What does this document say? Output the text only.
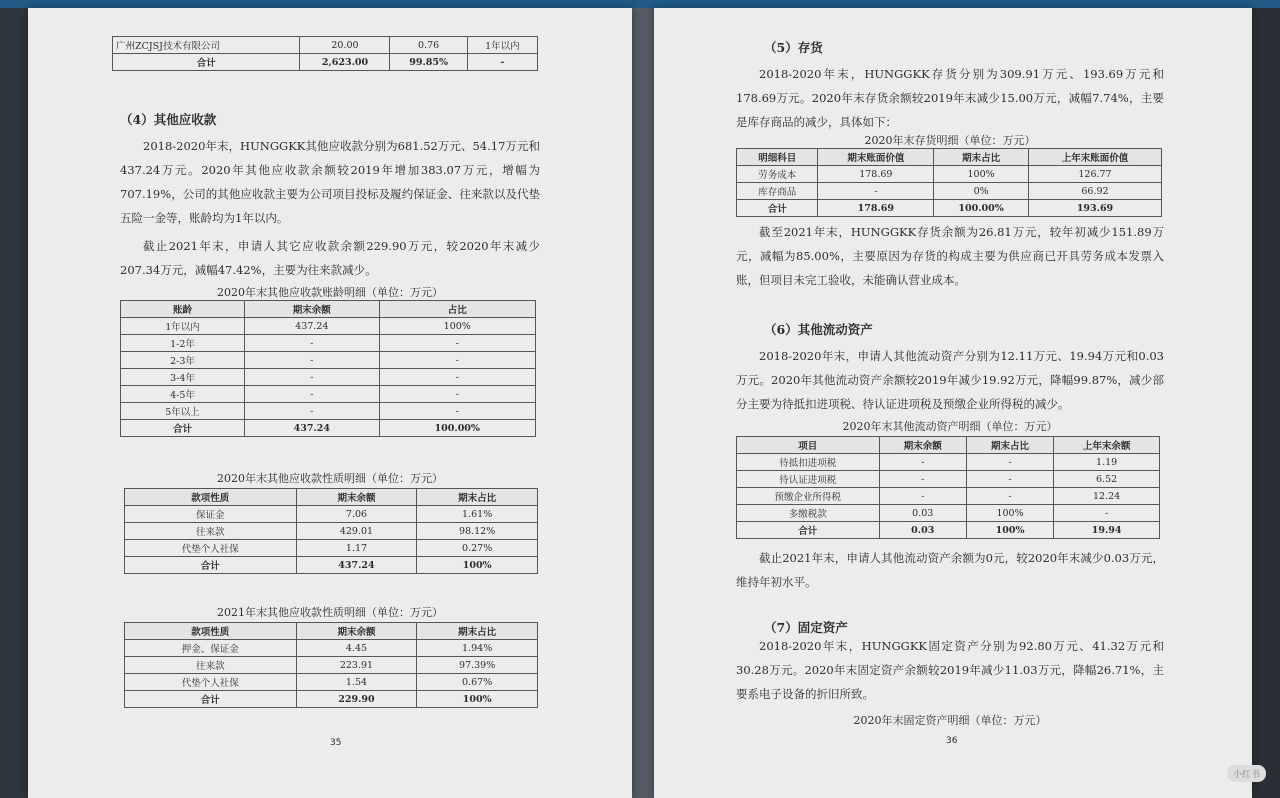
广州ZCJSJ技术有限公司	20.00	0.76	1年以内
合计	2,623.00	99.85%	-
（4）其他应收款

2018-2020年末，HUNGGKK其他应收款分别为681.52万元、54.17万元和437.24万元。2020年其他应收款余额较2019年增加383.07万元，增幅为707.19%，公司的其他应收款主要为公司项目投标及履约保证金、往来款以及代垫五险一金等，账龄均为1年以内。

截止2021年末，申请人其它应收款余额229.90万元，较2020年末减少207.34万元，减幅47.42%，主要为往来款减少。

2020年末其他应收款账龄明细（单位：万元）
账龄	期末余额	占比
1年以内	437.24	100%
1-2年	-	-
2-3年	-	-
3-4年	-	-
4-5年	-	-
5年以上	-	-
合计	437.24	100.00%
2020年末其他应收款性质明细（单位：万元）
款项性质	期末余额	期末占比
保证金	7.06	1.61%
往来款	429.01	98.12%
代垫个人社保	1.17	0.27%
合计	437.24	100%
2021年末其他应收款性质明细（单位：万元）
款项性质	期末余额	期末占比
押金、保证金	4.45	1.94%
往来款	223.91	97.39%
代垫个人社保	1.54	0.67%
合计	229.90	100%
35
（5）存货

2018-2020年末，HUNGGKK存货分别为309.91万元、193.69万元和178.69万元。2020年末存货余额较2019年末减少15.00万元，减幅7.74%，主要是库存商品的减少，具体如下：

2020年末存货明细（单位：万元）
明细科目	期末账面价值	期末占比	上年末账面价值
劳务成本	178.69	100%	126.77
库存商品	-	0%	66.92
合计	178.69	100.00%	193.69

截至2021年末，HUNGGKK存货余额为26.81万元，较年初减少151.89万元，减幅为85.00%，主要原因为存货的构成主要为供应商已开具劳务成本发票入账，但项目未完工验收，未能确认营业成本。

（6）其他流动资产

2018-2020年末，申请人其他流动资产分别为12.11万元、19.94万元和0.03万元。2020年其他流动资产余额较2019年减少19.92万元，降幅99.87%，减少部分主要为待抵扣进项税、待认证进项税及预缴企业所得税的减少。

2020年末其他流动资产明细（单位：万元）
项目	期末余额	期末占比	上年末余额
待抵扣进项税	-	-	1.19
待认证进项税	-	-	6.52
预缴企业所得税	-	-	12.24
多缴税款	0.03	100%	-
合计	0.03	100%	19.94

截止2021年末，申请人其他流动资产余额为0元，较2020年末减少0.03万元，维持年初水平。

（7）固定资产

2018-2020年末，HUNGGKK固定资产分别为92.80万元、41.32万元和30.28万元。2020年末固定资产余额较2019年减少11.03万元，降幅26.71%，主要系电子设备的折旧所致。

2020年末固定资产明细（单位：万元）
36
小红书
